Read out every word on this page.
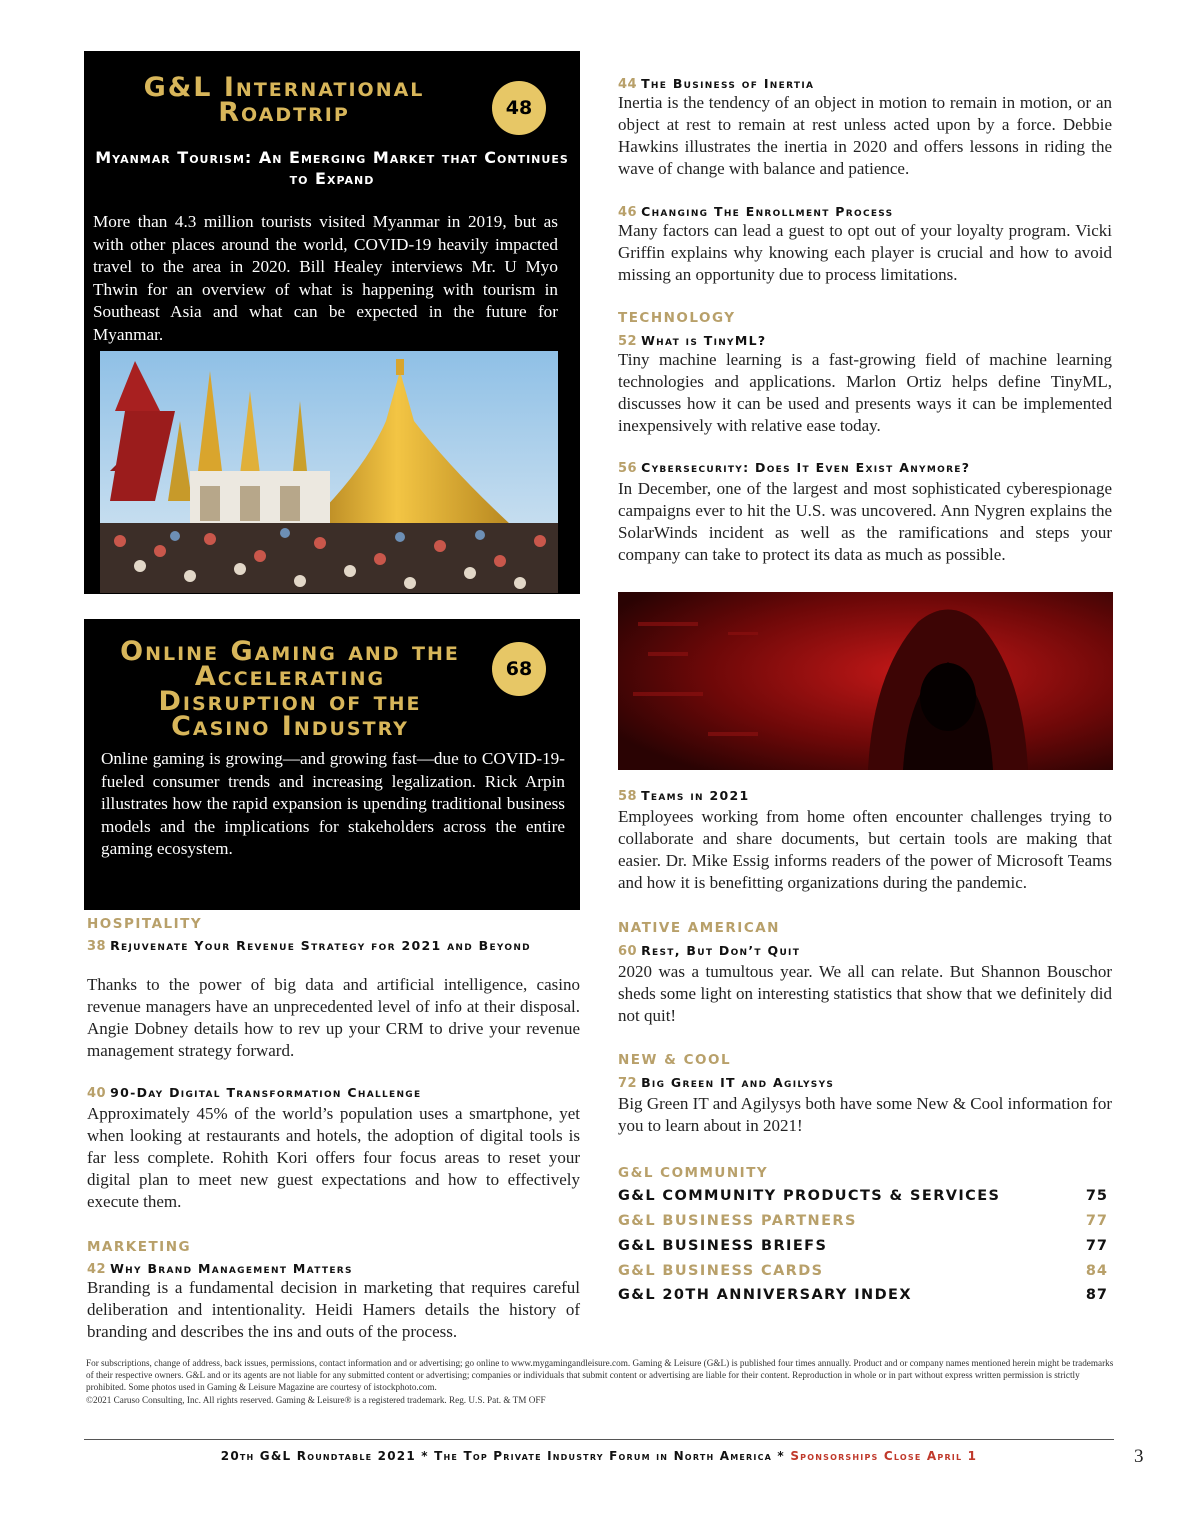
G&L International Roadtrip	48
Myanmar Tourism: An Emerging Market that Continues to Expand
More than 4.3 million tourists visited Myanmar in 2019, but as with other places around the world, COVID-19 heavily impacted travel to the area in 2020. Bill Healey interviews Mr. U Myo Thwin for an overview of what is happening with tourism in Southeast Asia and what can be expected in the future for Myanmar.
Online Gaming and the Accelerating Disruption of the Casino Industry
68
Online gaming is growing—and growing fast—due to COVID-19-fueled consumer trends and increasing legalization. Rick Arpin illustrates how the rapid expansion is upending traditional business models and the implications for stakeholders across the entire gaming ecosystem.
HOSPITALITY
38 Rejuvenate Your Revenue Strategy for 2021 and Beyond
Thanks to the power of big data and artificial intelligence, casino revenue managers have an unprecedented level of info at their disposal. Angie Dobney details how to rev up your CRM to drive your revenue management strategy forward.
40 90-Day Digital Transformation Challenge
Approximately 45% of the world’s population uses a smartphone, yet when looking at restaurants and hotels, the adoption of digital tools is far less complete. Rohith Kori offers four focus areas to reset your digital plan to meet new guest expectations and how to effectively execute them.
MARKETING
42 Why Brand Management Matters
Branding is a fundamental decision in marketing that requires careful deliberation and intentionality. Heidi Hamers details the history of branding and describes the ins and outs of the process.
44 The Business of Inertia
Inertia is the tendency of an object in motion to remain in motion, or an object at rest to remain at rest unless acted upon by a force. Debbie Hawkins illustrates the inertia in 2020 and offers lessons in riding the wave of change with balance and patience.
46 Changing The Enrollment Process
Many factors can lead a guest to opt out of your loyalty program. Vicki Griffin explains why knowing each player is crucial and how to avoid missing an opportunity due to process limitations.
TECHNOLOGY
52 What is TinyML?
Tiny machine learning is a fast-growing field of machine learning technologies and applications. Marlon Ortiz helps define TinyML, discusses how it can be used and presents ways it can be implemented inexpensively with relative ease today.
56 Cybersecurity: Does It Even Exist Anymore?
In December, one of the largest and most sophisticated cyberespionage campaigns ever to hit the U.S. was uncovered. Ann Nygren explains the SolarWinds incident as well as the ramifications and steps your company can take to protect its data as much as possible.
58 Teams in 2021
Employees working from home often encounter challenges trying to collaborate and share documents, but certain tools are making that easier. Dr. Mike Essig informs readers of the power of Microsoft Teams and how it is benefitting organizations during the pandemic.
NATIVE AMERICAN
60 Rest, But Don’t Quit
2020 was a tumultous year. We all can relate. But Shannon Bouschor sheds some light on interesting statistics that show that we definitely did not quit!
NEW & COOL
72 Big Green IT and Agilysys
Big Green IT and Agilysys both have some New & Cool information for you to learn about in 2021!
G&L COMMUNITY
G&L COMMUNITY PRODUCTS & SERVICES	75
G&L BUSINESS PARTNERS	77
G&L BUSINESS BRIEFS	77
G&L BUSINESS CARDS	84
G&L 20TH ANNIVERSARY INDEX	87
For subscriptions, change of address, back issues, permissions, contact information and or advertising; go online to www.mygamingandleisure.com. Gaming & Leisure (G&L) is published four times annually. Product and or company names mentioned herein might be trademarks of their respective owners. G&L and or its agents are not liable for any submitted content or advertising; companies or individuals that submit content or advertising are liable for their content. Reproduction in whole or in part without express written permission is strictly prohibited. Some photos used in Gaming & Leisure Magazine are courtesy of istockphoto.com.
©2021 Caruso Consulting, Inc. All rights reserved. Gaming & Leisure® is a registered trademark. Reg. U.S. Pat. & TM OFF
20th G&L Roundtable 2021 * The Top Private Industry Forum in North America * Sponsorships Close April 1	3
